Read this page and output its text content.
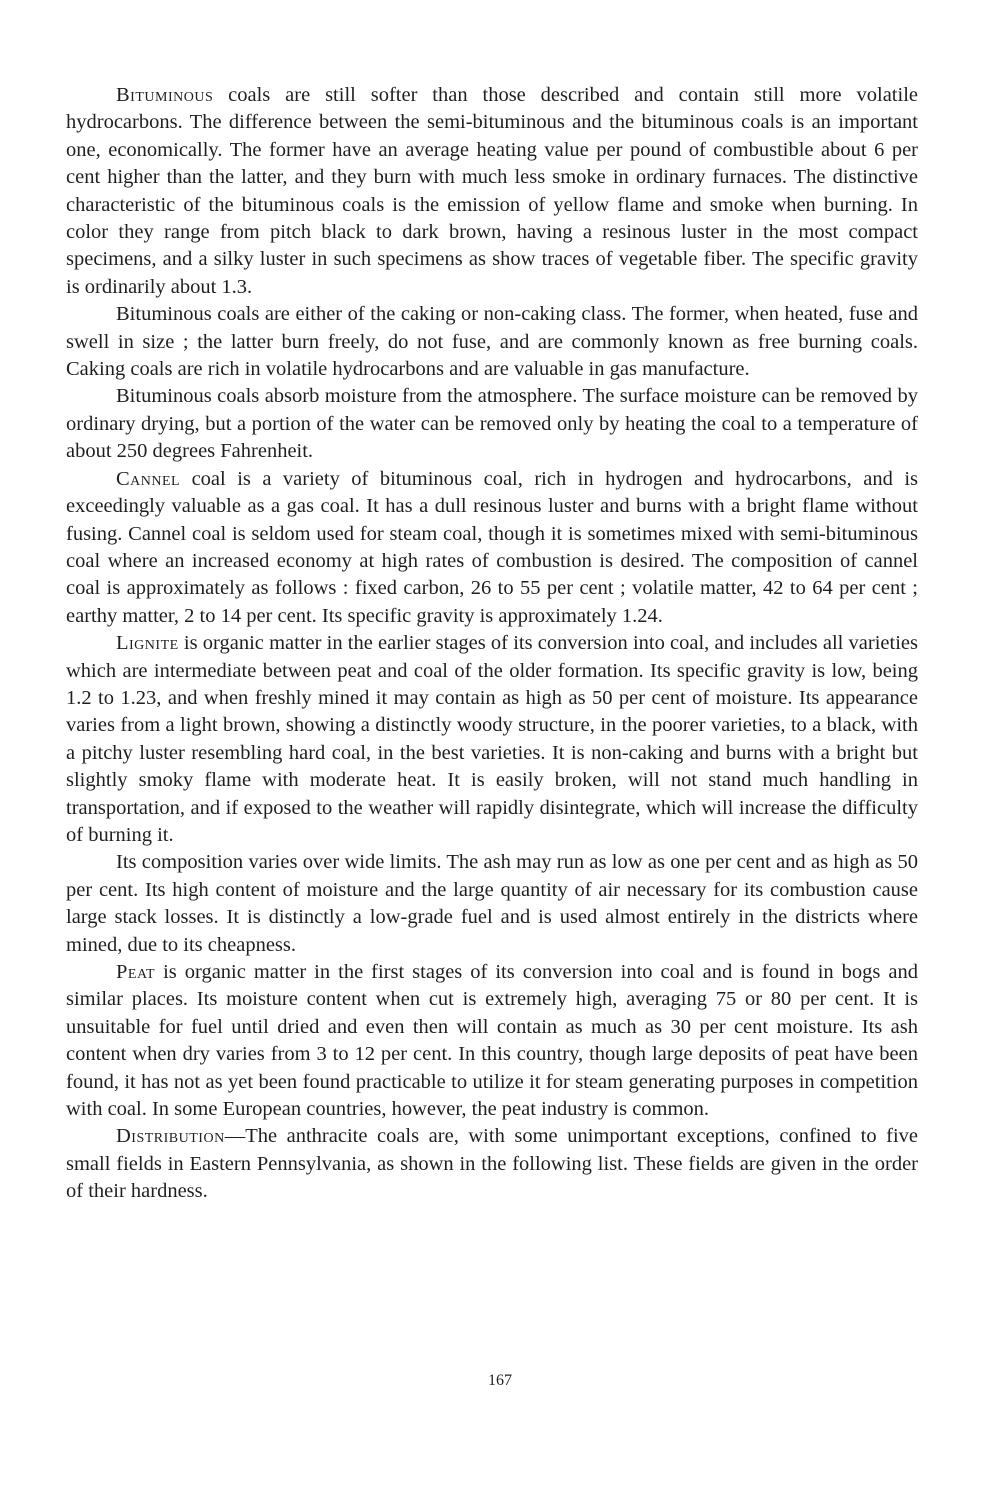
Bituminous coals are still softer than those described and contain still more volatile hydrocarbons. The difference between the semi-bituminous and the bituminous coals is an important one, economically. The former have an average heating value per pound of combustible about 6 per cent higher than the latter, and they burn with much less smoke in ordinary furnaces. The distinctive characteristic of the bituminous coals is the emission of yellow flame and smoke when burning. In color they range from pitch black to dark brown, having a resinous luster in the most compact specimens, and a silky luster in such specimens as show traces of vegetable fiber. The specific gravity is ordinarily about 1.3.

Bituminous coals are either of the caking or non-caking class. The former, when heated, fuse and swell in size ; the latter burn freely, do not fuse, and are commonly known as free burning coals. Caking coals are rich in volatile hydrocarbons and are valuable in gas manufacture.

Bituminous coals absorb moisture from the atmosphere. The surface moisture can be removed by ordinary drying, but a portion of the water can be removed only by heating the coal to a temperature of about 250 degrees Fahrenheit.

Cannel coal is a variety of bituminous coal, rich in hydrogen and hydrocarbons, and is exceedingly valuable as a gas coal. It has a dull resinous luster and burns with a bright flame without fusing. Cannel coal is seldom used for steam coal, though it is sometimes mixed with semi-bituminous coal where an increased economy at high rates of combustion is desired. The composition of cannel coal is approximately as follows : fixed carbon, 26 to 55 per cent ; volatile matter, 42 to 64 per cent ; earthy matter, 2 to 14 per cent. Its specific gravity is approximately 1.24.

Lignite is organic matter in the earlier stages of its conversion into coal, and includes all varieties which are intermediate between peat and coal of the older formation. Its specific gravity is low, being 1.2 to 1.23, and when freshly mined it may contain as high as 50 per cent of moisture. Its appearance varies from a light brown, showing a distinctly woody structure, in the poorer varieties, to a black, with a pitchy luster resembling hard coal, in the best varieties. It is non-caking and burns with a bright but slightly smoky flame with moderate heat. It is easily broken, will not stand much handling in transportation, and if exposed to the weather will rapidly disintegrate, which will increase the difficulty of burning it.

Its composition varies over wide limits. The ash may run as low as one per cent and as high as 50 per cent. Its high content of moisture and the large quantity of air necessary for its combustion cause large stack losses. It is distinctly a low-grade fuel and is used almost entirely in the districts where mined, due to its cheapness.

Peat is organic matter in the first stages of its conversion into coal and is found in bogs and similar places. Its moisture content when cut is extremely high, averaging 75 or 80 per cent. It is unsuitable for fuel until dried and even then will contain as much as 30 per cent moisture. Its ash content when dry varies from 3 to 12 per cent. In this country, though large deposits of peat have been found, it has not as yet been found practicable to utilize it for steam generating purposes in competition with coal. In some European countries, however, the peat industry is common.

Distribution—The anthracite coals are, with some unimportant exceptions, confined to five small fields in Eastern Pennsylvania, as shown in the following list. These fields are given in the order of their hardness.

167
